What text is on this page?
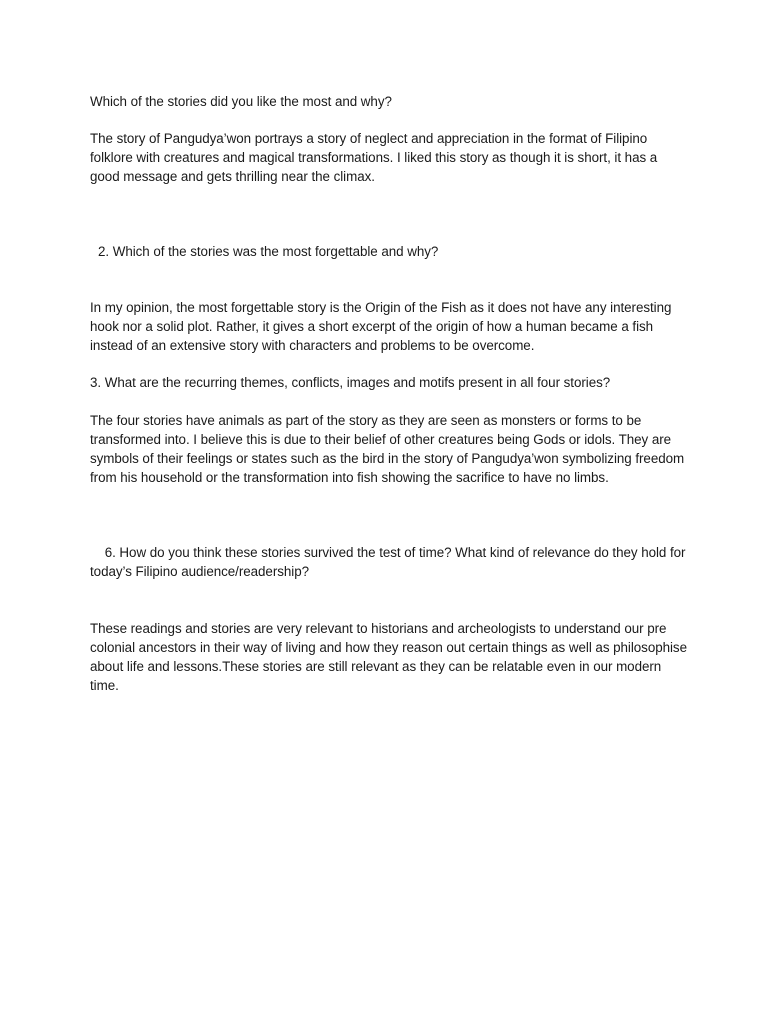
Which of the stories did you like the most and why?

The story of Pangudya’won portrays a story of neglect and appreciation in the format of Filipino folklore with creatures and magical transformations. I liked this story as though it is short, it has a good message and gets thrilling near the climax.

2. Which of the stories was the most forgettable and why?

In my opinion, the most forgettable story is the Origin of the Fish as it does not have any interesting hook nor a solid plot. Rather, it gives a short excerpt of the origin of how a human became a fish instead of an extensive story with characters and problems to be overcome.

3. What are the recurring themes, conflicts, images and motifs present in all four stories?

The four stories have animals as part of the story as they are seen as monsters or forms to be transformed into. I believe this is due to their belief of other creatures being Gods or idols. They are symbols of their feelings or states such as the bird in the story of Pangudya’won symbolizing freedom from his household or the transformation into fish showing the sacrifice to have no limbs.

6. How do you think these stories survived the test of time? What kind of relevance do they hold for today’s Filipino audience/readership?

These readings and stories are very relevant to historians and archeologists to understand our pre colonial ancestors in their way of living and how they reason out certain things as well as philosophise about life and lessons.These stories are still relevant as they can be relatable even in our modern time.
